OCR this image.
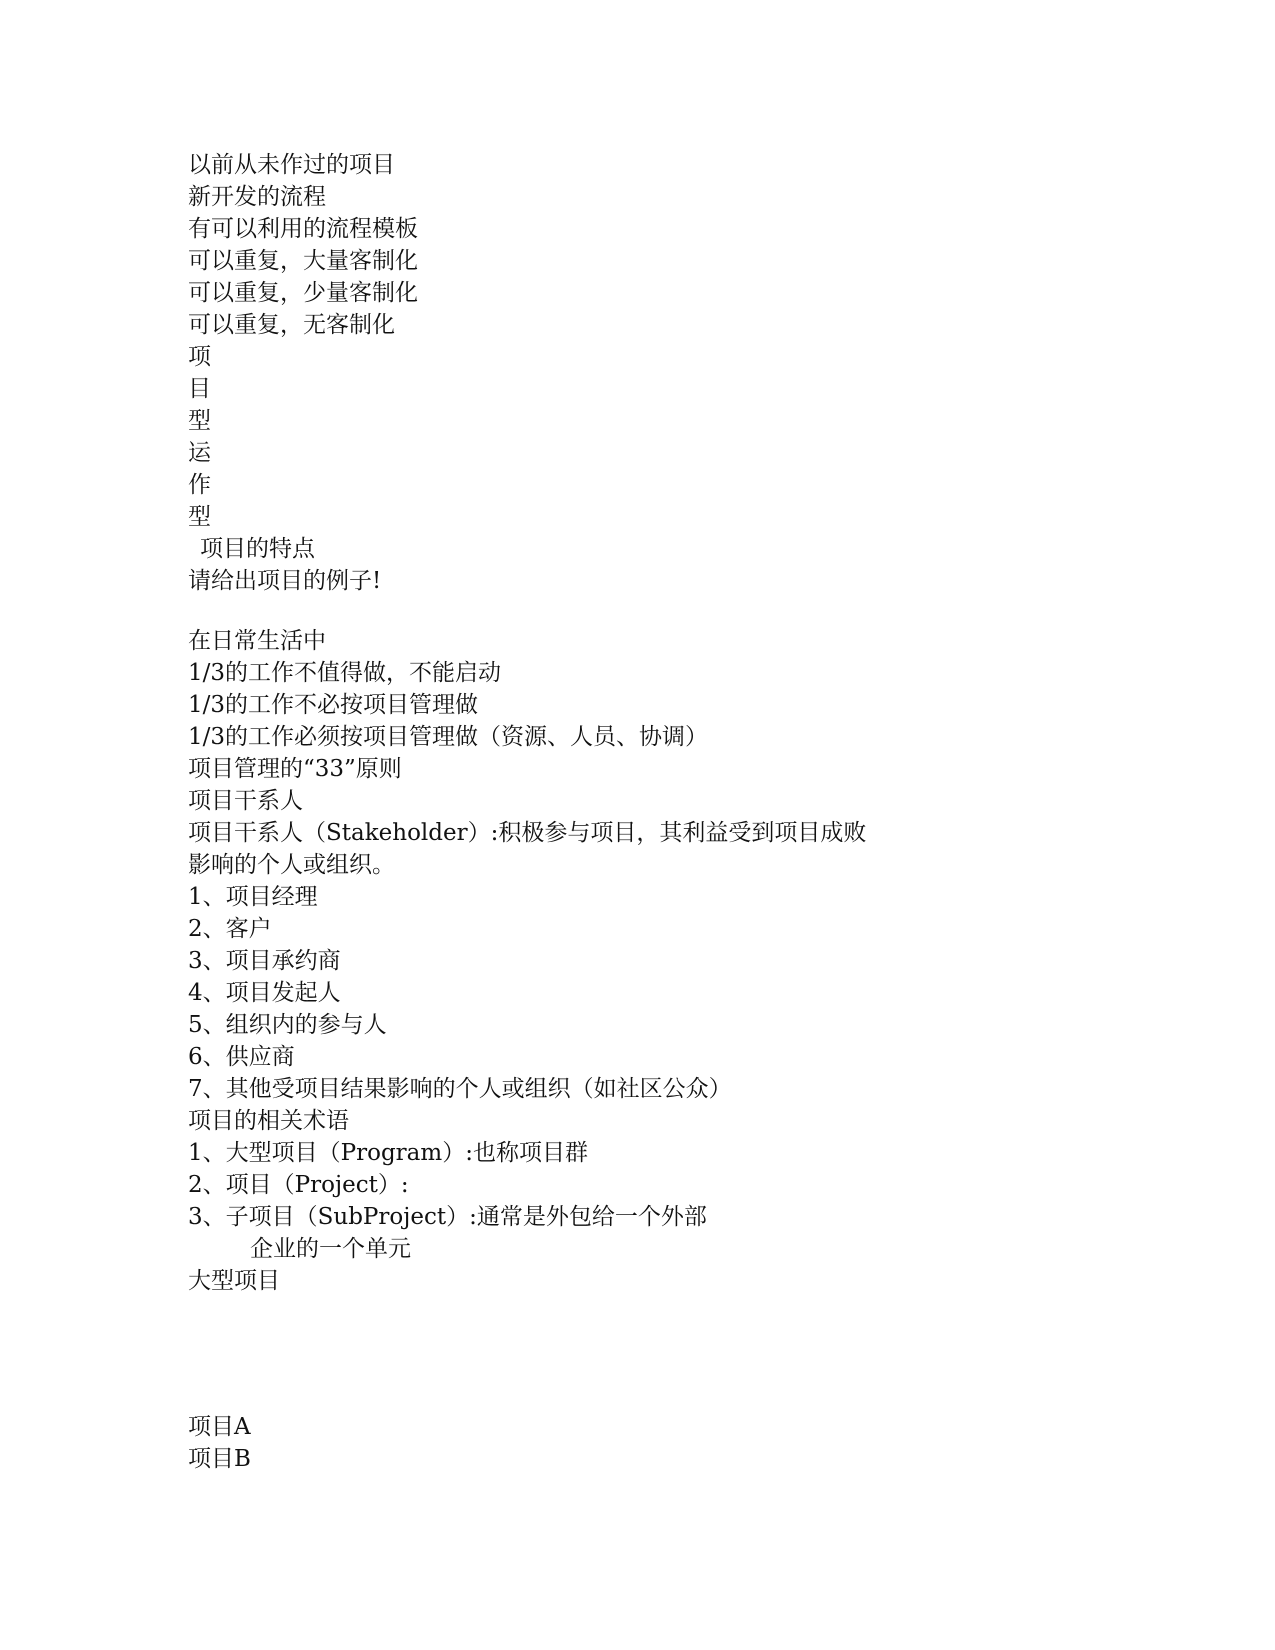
以前从未作过的项目
新开发的流程
有可以利用的流程模板
可以重复，大量客制化
可以重复，少量客制化
可以重复，无客制化
项
目
型
运
作
型
项目的特点
请给出项目的例子!
在日常生活中
1/3的工作不值得做，不能启动
1/3的工作不必按项目管理做
1/3的工作必须按项目管理做（资源、人员、协调）
项目管理的“33”原则
项目干系人
项目干系人（Stakeholder）:积极参与项目，其利益受到项目成败
影响的个人或组织。
1、项目经理
2、客户
3、项目承约商
4、项目发起人
5、组织内的参与人
6、供应商
7、其他受项目结果影响的个人或组织（如社区公众）
项目的相关术语
1、大型项目（Program）:也称项目群
2、项目（Project）:
3、子项目（SubProject）:通常是外包给一个外部
企业的一个单元
大型项目
项目A
项目B
